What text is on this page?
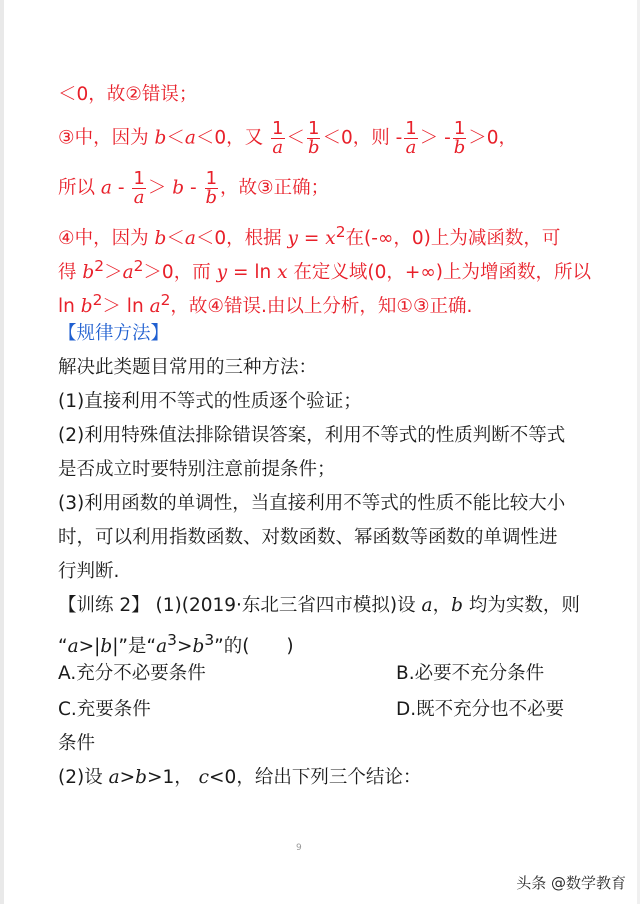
＜0，故②错误；
③中，因为 b＜a＜0，又 $\frac{1}{a} < \frac{1}{b} <0$，则 - $\frac{1}{a}$ ＞ - $\frac{1}{b} >0$，
所以 $a - \frac{1}{a} > b - \frac{1}{b}$ ，故③正确；
④中，因为 b＜a＜0，根据 $y = x^2$在(-∞，0)上为减函数，可
得 $b^2>a^2>0$，而 y = ln x 在定义域(0，+∞)上为增函数，所以
$\ln b^2> \ln a^2$，故④错误.由以上分析，知①③正确.
【规律方法】
解决此类题目常用的三种方法：
(1)直接利用不等式的性质逐个验证；
(2)利用特殊值法排除错误答案，利用不等式的性质判断不等式
是否成立时要特别注意前提条件；
(3)利用函数的单调性，当直接利用不等式的性质不能比较大小
时，可以利用指数函数、对数函数、幂函数等函数的单调性进
行判断.
【训练 2】 (1)(2019·东北三省四市模拟)设 a，b 均为实数，则
“a>|b|”是“$a^3>b^3$”的(　　)
A.充分不必要条件	B.必要不充分条件
C.充要条件	D.既不充分也不必要
条件
(2)设 a>b>1， c<0，给出下列三个结论：
9
头条 @数学教育
